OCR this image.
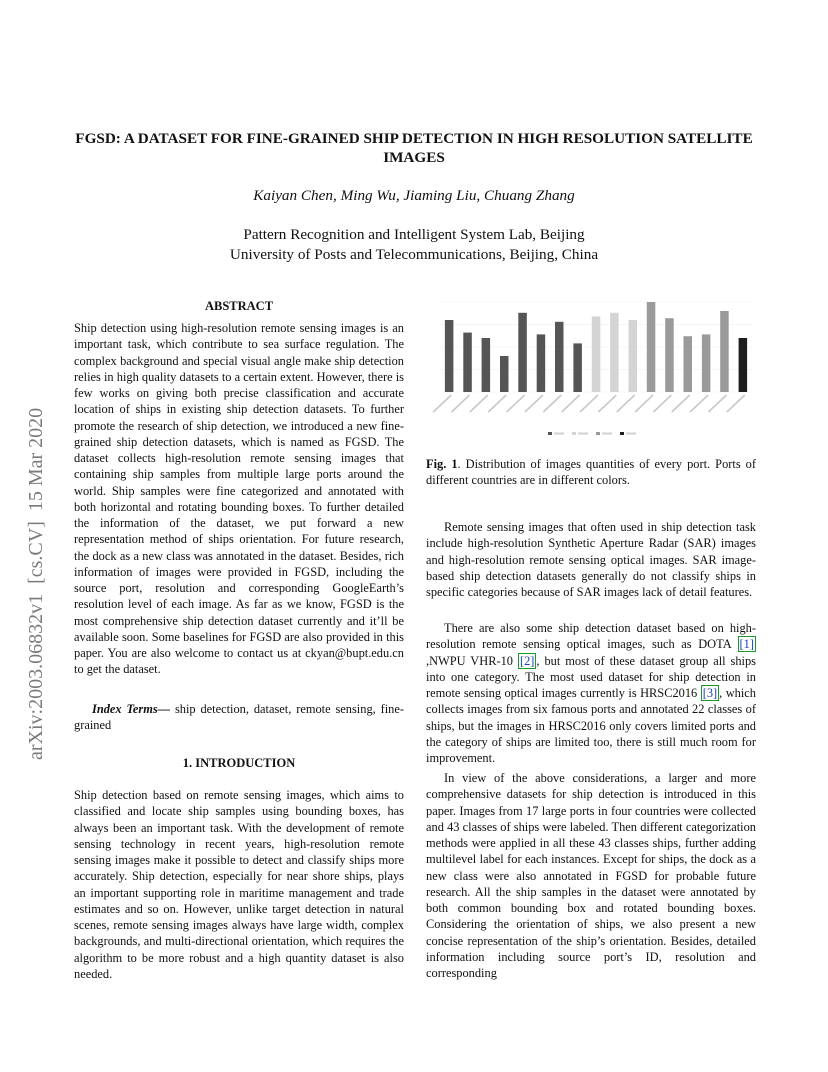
FGSD: A DATASET FOR FINE-GRAINED SHIP DETECTION IN HIGH RESOLUTION SATELLITE IMAGES
Kaiyan Chen, Ming Wu, Jiaming Liu, Chuang Zhang
Pattern Recognition and Intelligent System Lab, Beijing
University of Posts and Telecommunications, Beijing, China
arXiv:2003.06832v1  [cs.CV]  15 Mar 2020
ABSTRACT

Ship detection using high-resolution remote sensing images is an important task, which contribute to sea surface regulation. The complex background and special visual angle make ship detection relies in high quality datasets to a certain extent. However, there is few works on giving both precise classification and accurate location of ships in existing ship detection datasets. To further promote the research of ship detection, we introduced a new fine-grained ship detection datasets, which is named as FGSD. The dataset collects high-resolution remote sensing images that containing ship samples from multiple large ports around the world. Ship samples were fine categorized and annotated with both horizontal and rotating bounding boxes. To further detailed the information of the dataset, we put forward a new representation method of ships orientation. For future research, the dock as a new class was annotated in the dataset. Besides, rich information of images were provided in FGSD, including the source port, resolution and corresponding GoogleEarth’s resolution level of each image. As far as we know, FGSD is the most comprehensive ship detection dataset currently and it’ll be available soon. Some baselines for FGSD are also provided in this paper. You are also welcome to contact us at ckyan@bupt.edu.cn to get the dataset.

Index Terms— ship detection, dataset, remote sensing, fine-grained

1. INTRODUCTION

Ship detection based on remote sensing images, which aims to classified and locate ship samples using bounding boxes, has always been an important task. With the development of remote sensing technology in recent years, high-resolution remote sensing images make it possible to detect and classify ships more accurately. Ship detection, especially for near shore ships, plays an important supporting role in maritime management and trade estimates and so on. However, unlike target detection in natural scenes, remote sensing images always have large width, complex backgrounds, and multi-directional orientation, which requires the algorithm to be more robust and a high quantity dataset is also needed.

Fig. 1. Distribution of images quantities of every port. Ports of different countries are in different colors.

Remote sensing images that often used in ship detection task include high-resolution Synthetic Aperture Radar (SAR) images and high-resolution remote sensing optical images. SAR image-based ship detection datasets generally do not classify ships in specific categories because of SAR images lack of detail features.

There are also some ship detection dataset based on high-resolution remote sensing optical images, such as DOTA [1] ,NWPU VHR-10 [2] , but most of these dataset group all ships into one category. The most used dataset for ship detection in remote sensing optical images currently is HRSC2016 [3] , which collects images from six famous ports and annotated 22 classes of ships, but the images in HRSC2016 only covers limited ports and the category of ships are limited too, there is still much room for improvement.

In view of the above considerations, a larger and more comprehensive datasets for ship detection is introduced in this paper. Images from 17 large ports in four countries were collected and 43 classes of ships were labeled. Then different categorization methods were applied in all these 43 classes ships, further adding multilevel label for each instances. Except for ships, the dock as a new class were also annotated in FGSD for probable future research. All the ship samples in the dataset were annotated by both common bounding box and rotated bounding boxes. Considering the orientation of ships, we also present a new concise representation of the ship’s orientation. Besides, detailed information including source port’s ID, resolution and corresponding
